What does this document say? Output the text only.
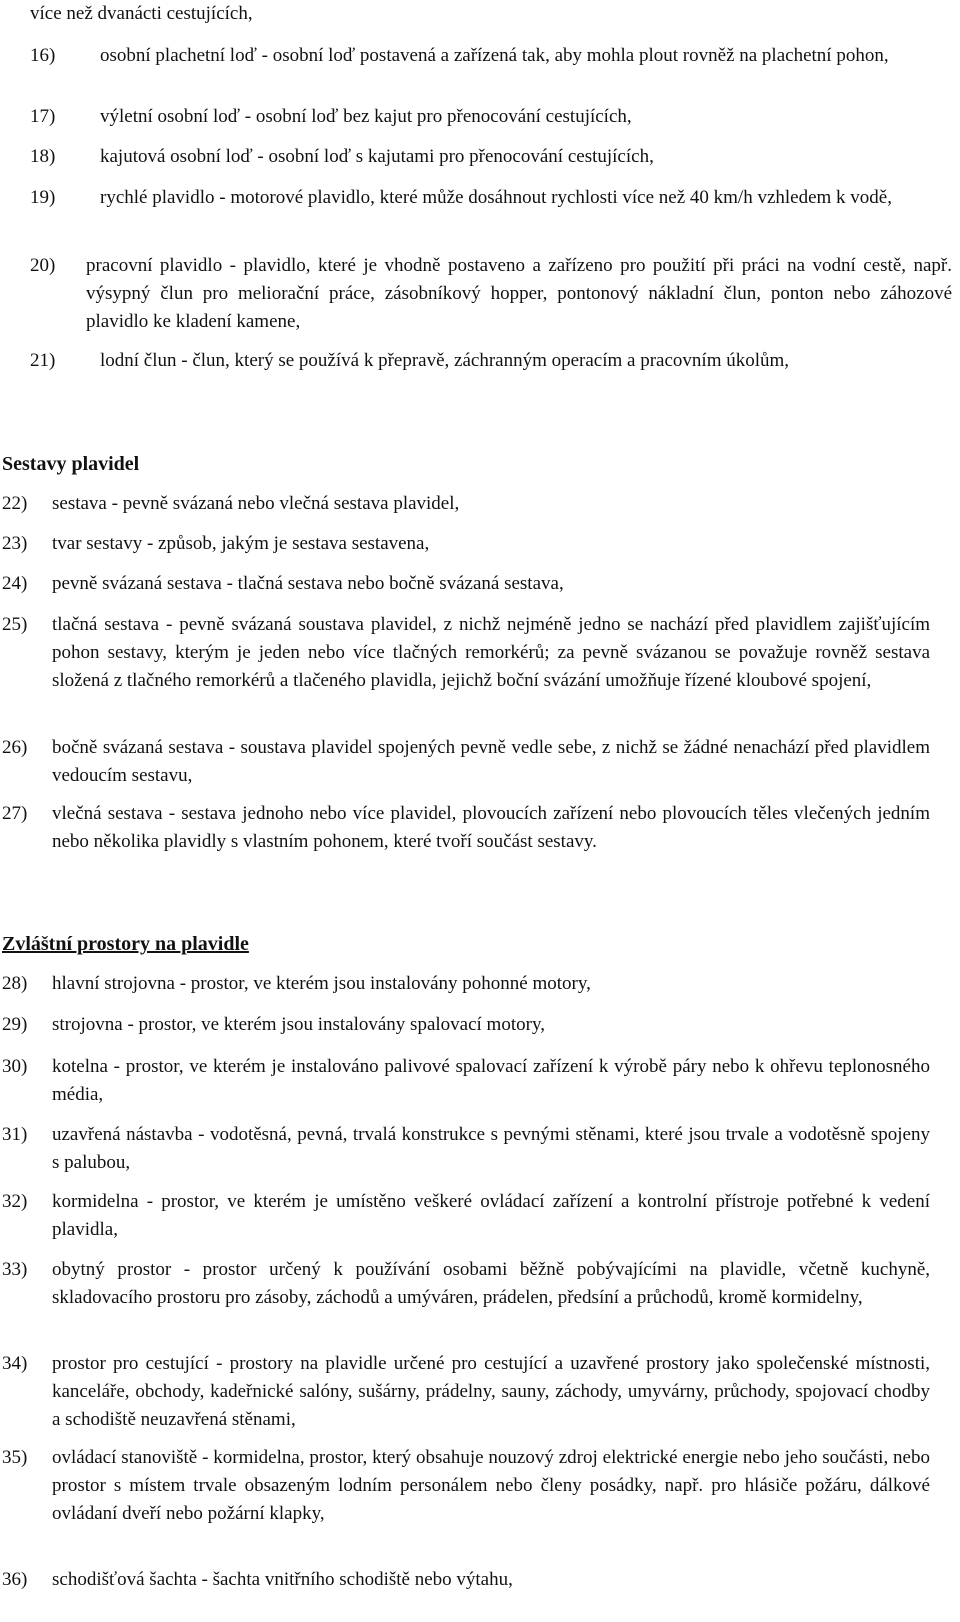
více než dvanácti cestujících,
16) osobní plachetní loď - osobní loď postavená a zařízená tak, aby mohla plout rovněž na plachetní pohon,
17) výletní osobní loď - osobní loď bez kajut pro přenocování cestujících,
18) kajutová osobní loď - osobní loď s kajutami pro přenocování cestujících,
19) rychlé plavidlo - motorové plavidlo, které může dosáhnout rychlosti více než 40 km/h vzhledem k vodě,
20) pracovní plavidlo - plavidlo, které je vhodně postaveno a zařízeno pro použití při práci na vodní cestě, např. výsypný člun pro meliorační práce, zásobníkový hopper, pontonový nákladní člun, ponton nebo záhozové plavidlo ke kladení kamene,
21) lodní člun - člun, který se používá k přepravě, záchranným operacím a pracovním úkolům,
Sestavy plavidel
22) sestava - pevně svázaná nebo vlečná sestava plavidel,
23) tvar sestavy - způsob, jakým je sestava sestavena,
24) pevně svázaná sestava - tlačná sestava nebo bočně svázaná sestava,
25) tlačná sestava - pevně svázaná soustava plavidel, z nichž nejméně jedno se nachází před plavidlem zajišťujícím pohon sestavy, kterým je jeden nebo více tlačných remorkérů; za pevně svázanou se považuje rovněž sestava složená z tlačného remorkérů a tlačeného plavidla, jejichž boční svázání umožňuje řízené kloubové spojení,
26) bočně svázaná sestava - soustava plavidel spojených pevně vedle sebe, z nichž se žádné nenachází před plavidlem vedoucím sestavu,
27) vlečná sestava - sestava jednoho nebo více plavidel, plovoucích zařízení nebo plovoucích těles vlečených jedním nebo několika plavidly s vlastním pohonem, které tvoří součást sestavy.
Zvláštní prostory na plavidle
28) hlavní strojovna - prostor, ve kterém jsou instalovány pohonné motory,
29) strojovna - prostor, ve kterém jsou instalovány spalovací motory,
30) kotelna - prostor, ve kterém je instalováno palivové spalovací zařízení k výrobě páry nebo k ohřevu teplonosného média,
31) uzavřená nástavba - vodotěsná, pevná, trvalá konstrukce s pevnými stěnami, které jsou trvale a vodotěsně spojeny s palubou,
32) kormidelna - prostor, ve kterém je umístěno veškeré ovládací zařízení a kontrolní přístroje potřebné k vedení plavidla,
33) obytný prostor - prostor určený k používání osobami běžně pobývajícími na plavidle, včetně kuchyně, skladovacího prostoru pro zásoby, záchodů a umýváren, prádelen, předsíní a průchodů, kromě kormidelny,
34) prostor pro cestující - prostory na plavidle určené pro cestující a uzavřené prostory jako společenské místnosti, kanceláře, obchody, kadeřnické salóny, sušárny, prádelny, sauny, záchody, umyvárny, průchody, spojovací chodby a schodiště neuzavřená stěnami,
35) ovládací stanoviště - kormidelna, prostor, který obsahuje nouzový zdroj elektrické energie nebo jeho součásti, nebo prostor s místem trvale obsazeným lodním personálem nebo členy posádky, např. pro hlásiče požáru, dálkové ovládaní dveří nebo požární klapky,
36) schodišťová šachta - šachta vnitřního schodiště nebo výtahu,
